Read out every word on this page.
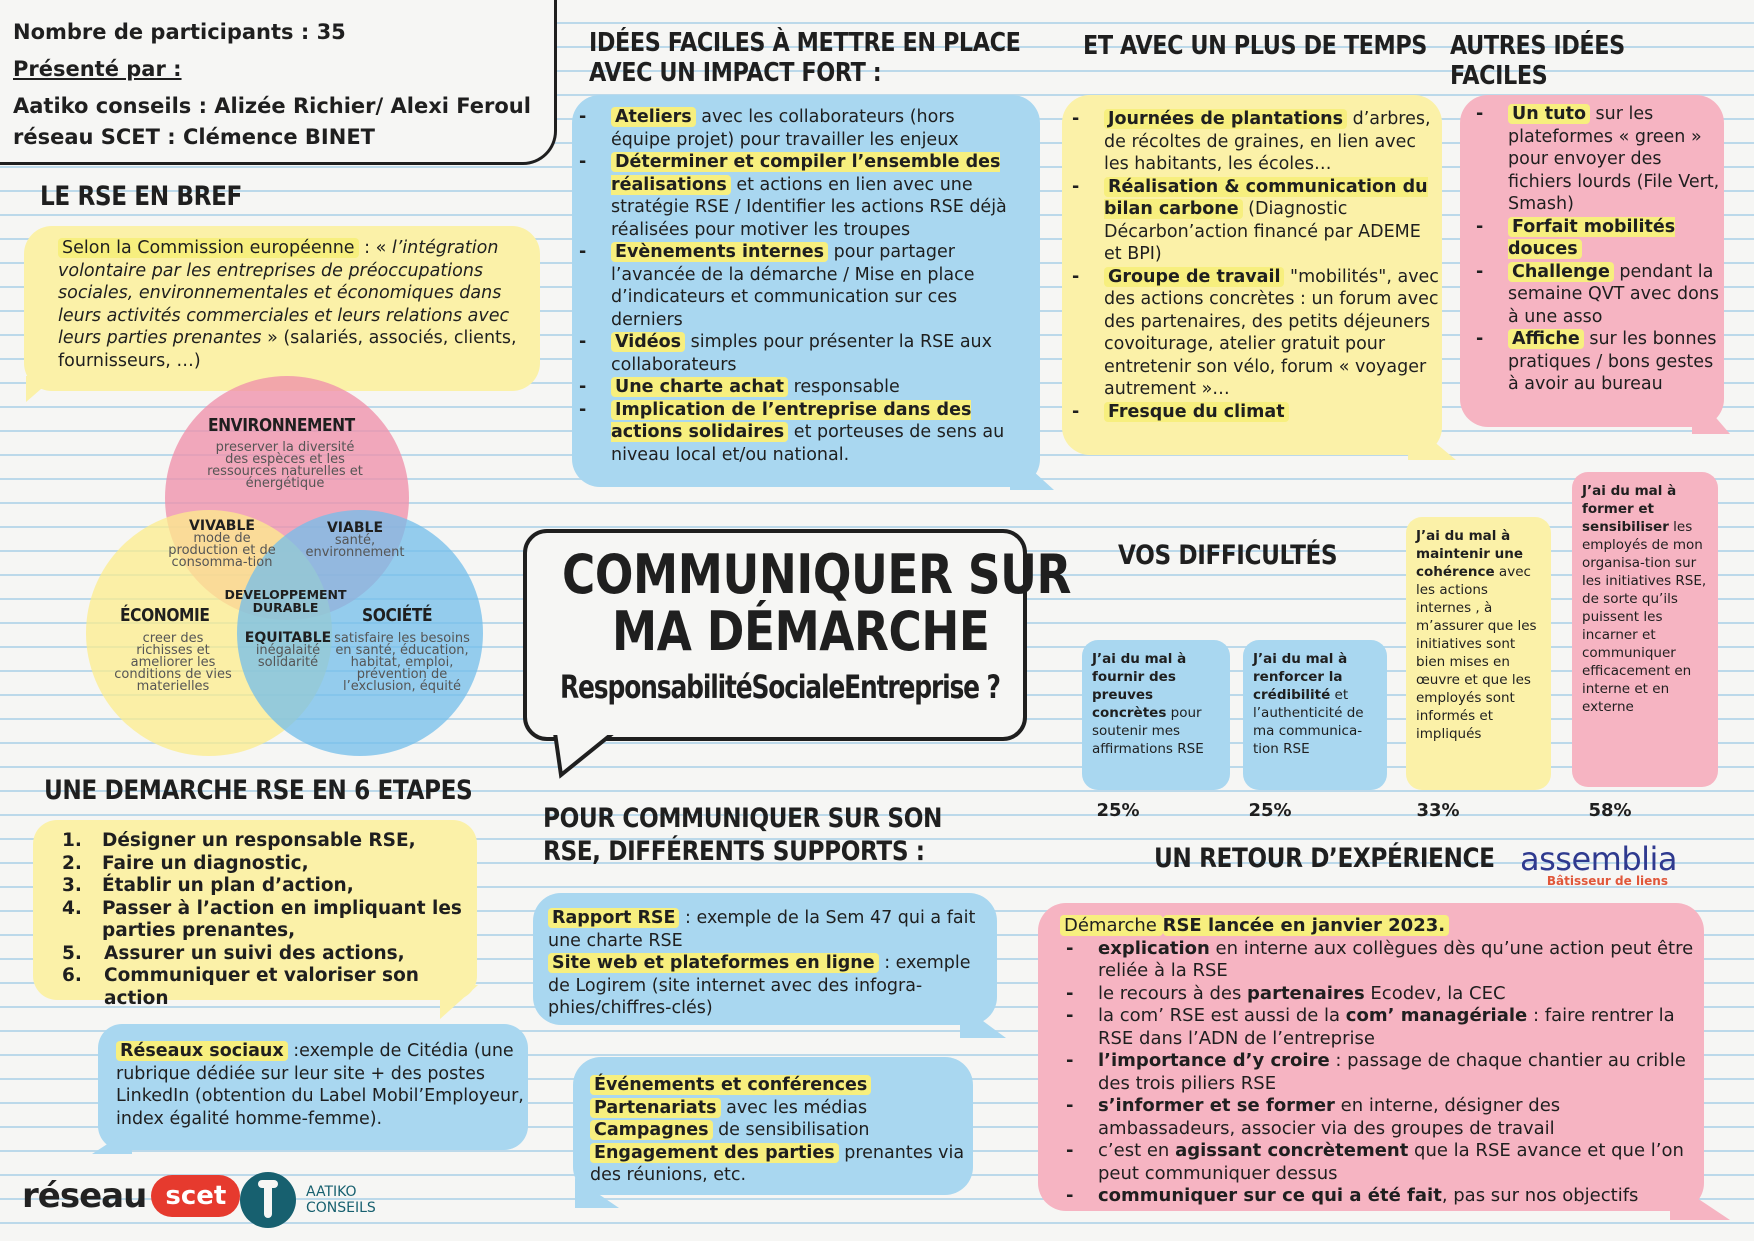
Nombre de participants : 35
Présenté par :
Aatiko conseils : Alizée Richier/ Alexi Feroul
réseau SCET : Clémence BINET
LE RSE EN BREF
Selon la Commission européenne : « l’intégration volontaire par les entreprises de préoccupations sociales, environnementales et économiques dans leurs activités commerciales et leurs relations avec leurs parties prenantes » (salariés, associés, clients, fournisseurs, …)
ENVIRONNEMENT
preserver la diversité des espèces et les ressources naturelles et énergétique
ÉCONOMIE
creer des richisses et ameliorer les conditions de vies materielles
SOCIÉTÉ
satisfaire les besoins en santé, éducation, habitat, emploi, prévention de l’exclusion, équité
VIVABLE
mode de production et de consomma-tion
VIABLE
santé, environnement
DEVELOPPEMENT DURABLE
EQUITABLE
inégalaité solidarité
UNE DEMARCHE RSE EN 6 ETAPES
1. Désigner un responsable RSE,
2. Faire un diagnostic,
3. Établir un plan d’action,
4. Passer à l’action en impliquant les parties prenantes,
5. Assurer un suivi des actions,
6. Communiquer et valoriser son action
Réseaux sociaux :exemple de Citédia (une rubrique dédiée sur leur site + des postes LinkedIn (obtention du Label Mobil’Employeur, index égalité homme-femme).
réseau scet	AATIKO
CONSEILS
IDÉES FACILES À METTRE EN PLACE
AVEC UN IMPACT FORT :
- Ateliers avec les collaborateurs (hors équipe projet) pour travailler les enjeux
- Déterminer et compiler l’ensemble des réalisations et actions en lien avec une stratégie RSE / Identifier les actions RSE déjà réalisées pour motiver les troupes
- Evènements internes pour partager l’avancée de la démarche / Mise en place d’indicateurs et communication sur ces derniers
- Vidéos simples pour présenter la RSE aux collaborateurs
- Une charte achat responsable
- Implication de l’entreprise dans des actions solidaires et porteuses de sens au niveau local et/ou national.
ET AVEC UN PLUS DE TEMPS
- Journées de plantations d’arbres, de récoltes de graines, en lien avec les habitants, les écoles…
- Réalisation & communication du bilan carbone (Diagnostic Décarbon’action financé par ADEME et BPI)
- Groupe de travail "mobilités", avec des actions concrètes : un forum avec des partenaires, des petits déjeuners covoiturage, atelier gratuit pour entretenir son vélo, forum « voyager autrement »…
- Fresque du climat
AUTRES IDÉES FACILES
- Un tuto sur les plateformes « green » pour envoyer des fichiers lourds (File Vert, Smash)
- Forfait mobilités douces
- Challenge pendant la semaine QVT avec dons à une asso
- Affiche sur les bonnes pratiques / bons gestes à avoir au bureau
COMMUNIQUER SUR
MA DÉMARCHE
ResponsabilitéSocialeEntreprise ?
VOS DIFFICULTÉS
J’ai du mal à fournir des preuves concrètes pour soutenir mes affirmations RSE
25%
J’ai du mal à renforcer la crédibilité et l’authenticité de ma communica-tion RSE
25%
J’ai du mal à maintenir une cohérence avec les actions internes , à m’assurer que les initiatives sont bien mises en œuvre et que les employés sont informés et impliqués
33%
J’ai du mal à former et sensibiliser les employés de mon organisa-tion sur les initiatives RSE, de sorte qu’ils puissent les incarner et communiquer efficacement en interne et en externe
58%
POUR COMMUNIQUER SUR SON
RSE, DIFFÉRENTS SUPPORTS :
Rapport RSE : exemple de la Sem 47 qui a fait une charte RSE
Site web et plateformes en ligne : exemple de Logirem (site internet avec des infogra-phies/chiffres-clés)
Événements et conférences
Partenariats avec les médias
Campagnes de sensibilisation
Engagement des parties prenantes via des réunions, etc.
UN RETOUR D’EXPÉRIENCE assemblia
Bâtisseur de liens
Démarche RSE lancée en janvier 2023.
- explication en interne aux collègues dès qu’une action peut être reliée à la RSE
- le recours à des partenaires Ecodev, la CEC
- la com’ RSE est aussi de la com’ managériale : faire rentrer la RSE dans l’ADN de l’entreprise
- l’importance d’y croire : passage de chaque chantier au crible des trois piliers RSE
- s’informer et se former en interne, désigner des ambassadeurs, associer via des groupes de travail
- c’est en agissant concrètement que la RSE avance et que l’on peut communiquer dessus
- communiquer sur ce qui a été fait, pas sur nos objectifs
